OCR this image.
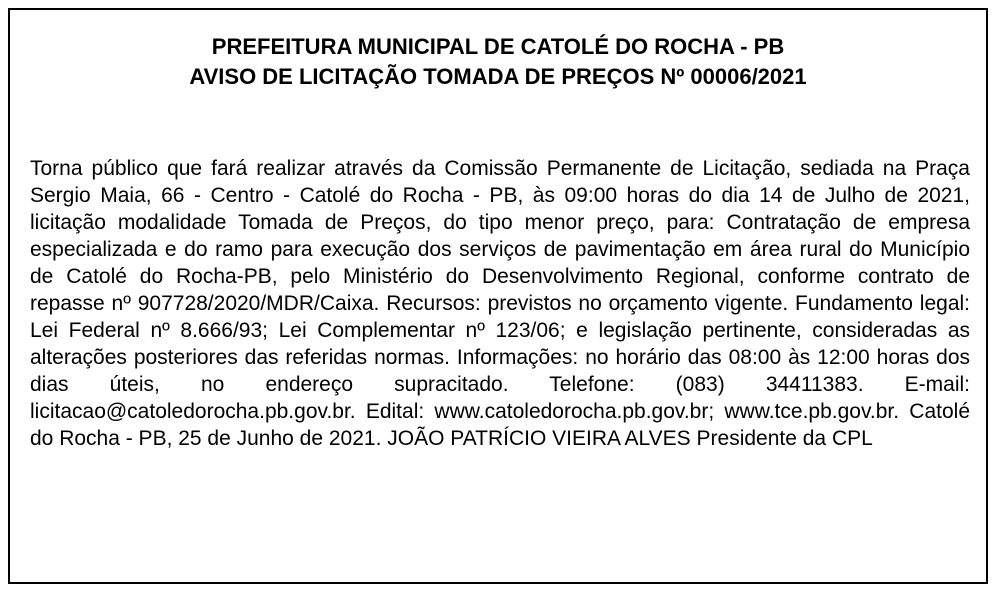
PREFEITURA MUNICIPAL DE CATOLÉ DO ROCHA - PB
AVISO DE LICITAÇÃO TOMADA DE PREÇOS Nº 00006/2021
Torna público que fará realizar através da Comissão Permanente de Licitação, sediada na Praça Sergio Maia, 66 - Centro - Catolé do Rocha - PB, às 09:00 horas do dia 14 de Julho de 2021, licitação modalidade Tomada de Preços, do tipo menor preço, para: Contratação de empresa especializada e do ramo para execução dos serviços de pavimentação em área rural do Município de Catolé do Rocha-PB, pelo Ministério do Desenvolvimento Regional, conforme contrato de repasse nº 907728/2020/MDR/Caixa. Recursos: previstos no orçamento vigente. Fundamento legal: Lei Federal nº 8.666/93; Lei Complementar nº 123/06; e legislação pertinente, consideradas as alterações posteriores das referidas normas. Informações: no horário das 08:00 às 12:00 horas dos dias úteis, no endereço supracitado. Telefone: (083) 34411383. E-mail: licitacao@catoledorocha.pb.gov.br. Edital: www.catoledorocha.pb.gov.br; www.tce.pb.gov.br. Catolé do Rocha - PB, 25 de Junho de 2021. JOÃO PATRÍCIO VIEIRA ALVES Presidente da CPL
